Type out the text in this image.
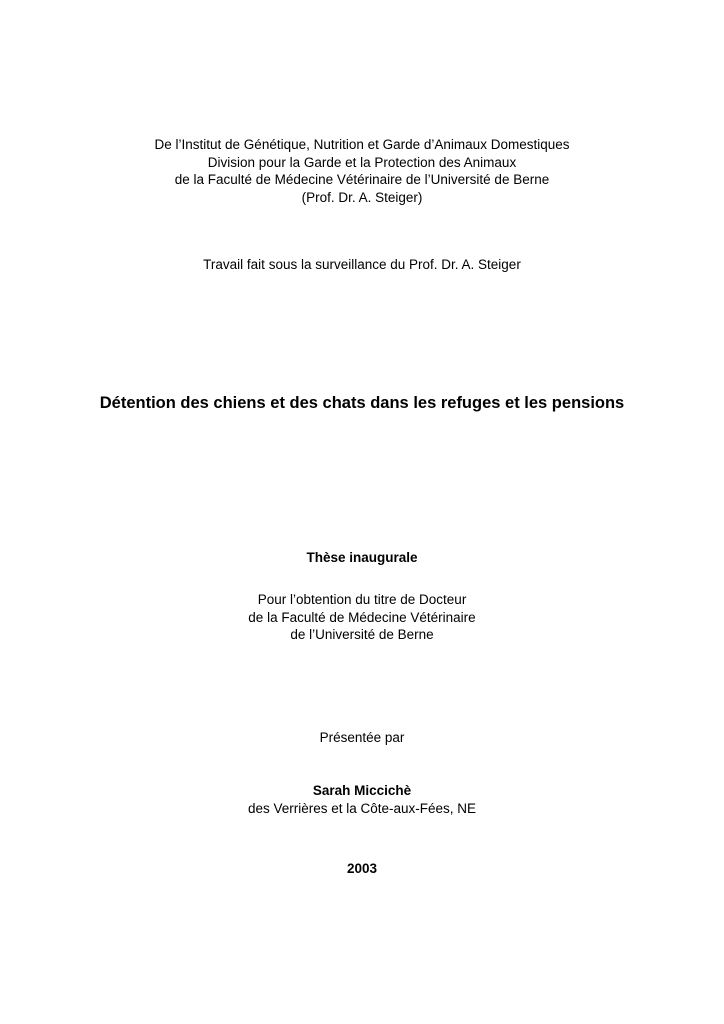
De l’Institut de Génétique, Nutrition et Garde d’Animaux Domestiques
Division pour la Garde et la Protection des Animaux
de la Faculté de Médecine Vétérinaire de l’Université de Berne
(Prof. Dr. A. Steiger)
Travail fait sous la surveillance du Prof. Dr. A. Steiger
Détention des chiens et des chats dans les refuges et les pensions
Thèse inaugurale
Pour l’obtention du titre de Docteur
de la Faculté de Médecine Vétérinaire
de l’Université de Berne
Présentée par
Sarah Miccichè
des Verrières et la Côte-aux-Fées, NE
2003
